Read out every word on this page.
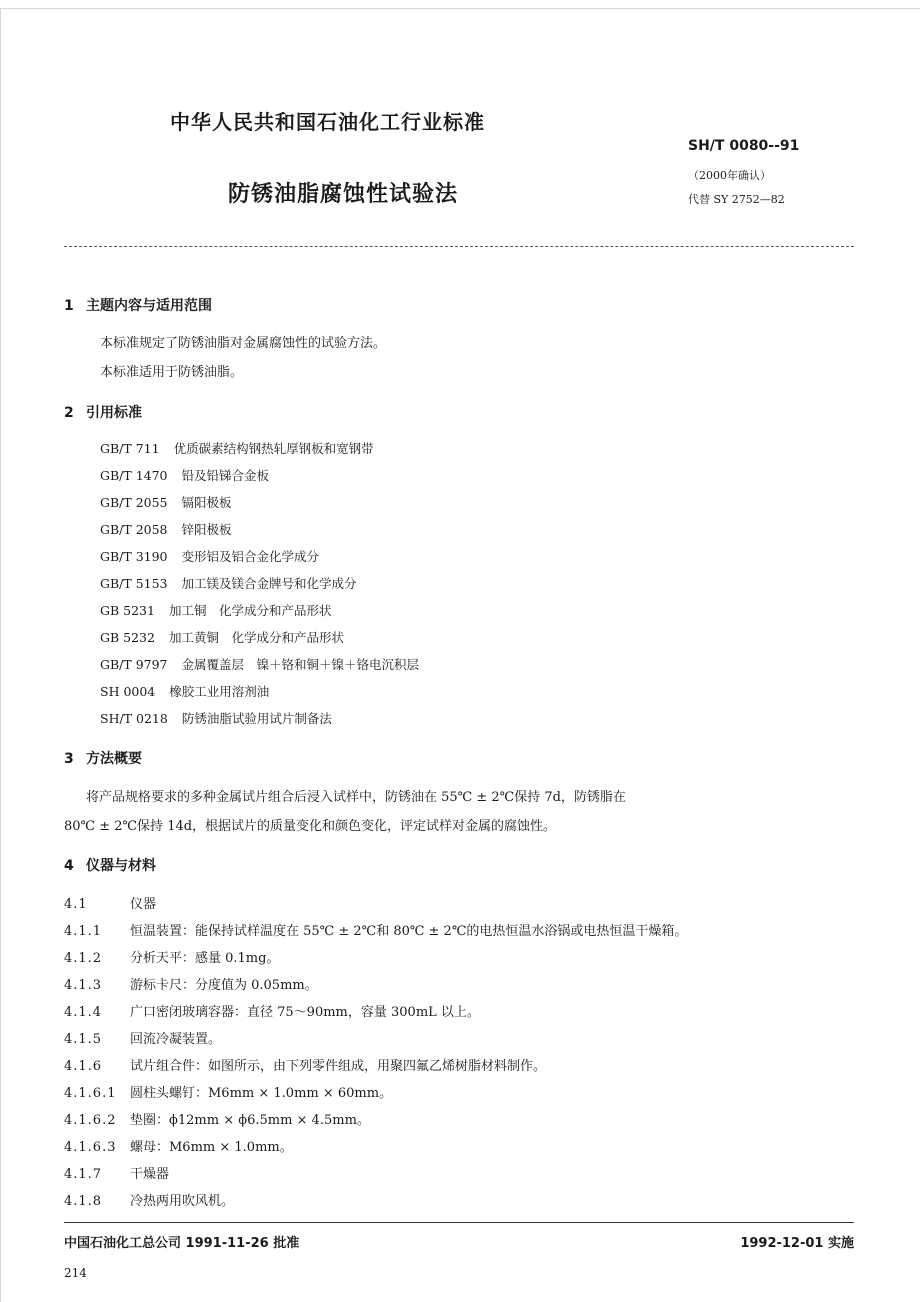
中华人民共和国石油化工行业标准
SH/T 0080--91
（2000年确认）
代替 SY 2752—82
防锈油脂腐蚀性试验法
1 主题内容与适用范围
本标准规定了防锈油脂对金属腐蚀性的试验方法。
本标准适用于防锈油脂。
2 引用标准
GB/T 711 优质碳素结构钢热轧厚钢板和宽钢带
GB/T 1470 铅及铅锑合金板
GB/T 2055 镉阳极板
GB/T 2058 锌阳极板
GB/T 3190 变形铝及铝合金化学成分
GB/T 5153 加工镁及镁合金牌号和化学成分
GB 5231 加工铜　化学成分和产品形状
GB 5232 加工黄铜　化学成分和产品形状
GB/T 9797 金属覆盖层　镍＋铬和铜＋镍＋铬电沉积层
SH 0004 橡胶工业用溶剂油
SH/T 0218 防锈油脂试验用试片制备法
3 方法概要
将产品规格要求的多种金属试片组合后浸入试样中，防锈油在 55℃ ± 2℃保持 7d，防锈脂在
80℃ ± 2℃保持 14d，根据试片的质量变化和颜色变化，评定试样对金属的腐蚀性。
4 仪器与材料
4.1	仪器
4.1.1 恒温装置：能保持试样温度在 55℃ ± 2℃和 80℃ ± 2℃的电热恒温水浴锅或电热恒温干燥箱。
4.1.2 分析天平：感量 0.1mg。
4.1.3 游标卡尺：分度值为 0.05mm。
4.1.4 广口密闭玻璃容器：直径 75～90mm，容量 300mL 以上。
4.1.5 回流冷凝装置。
4.1.6 试片组合件：如图所示，由下列零件组成，用聚四氟乙烯树脂材料制作。
4.1.6.1 圆柱头螺钉：M6mm × 1.0mm × 60mm。
4.1.6.2 垫圈：ϕ12mm × ϕ6.5mm × 4.5mm。
4.1.6.3 螺母：M6mm × 1.0mm。
4.1.7 干燥器
4.1.8 冷热两用吹风机。
中国石油化工总公司 1991-11-26 批准	1992-12-01 实施
214
